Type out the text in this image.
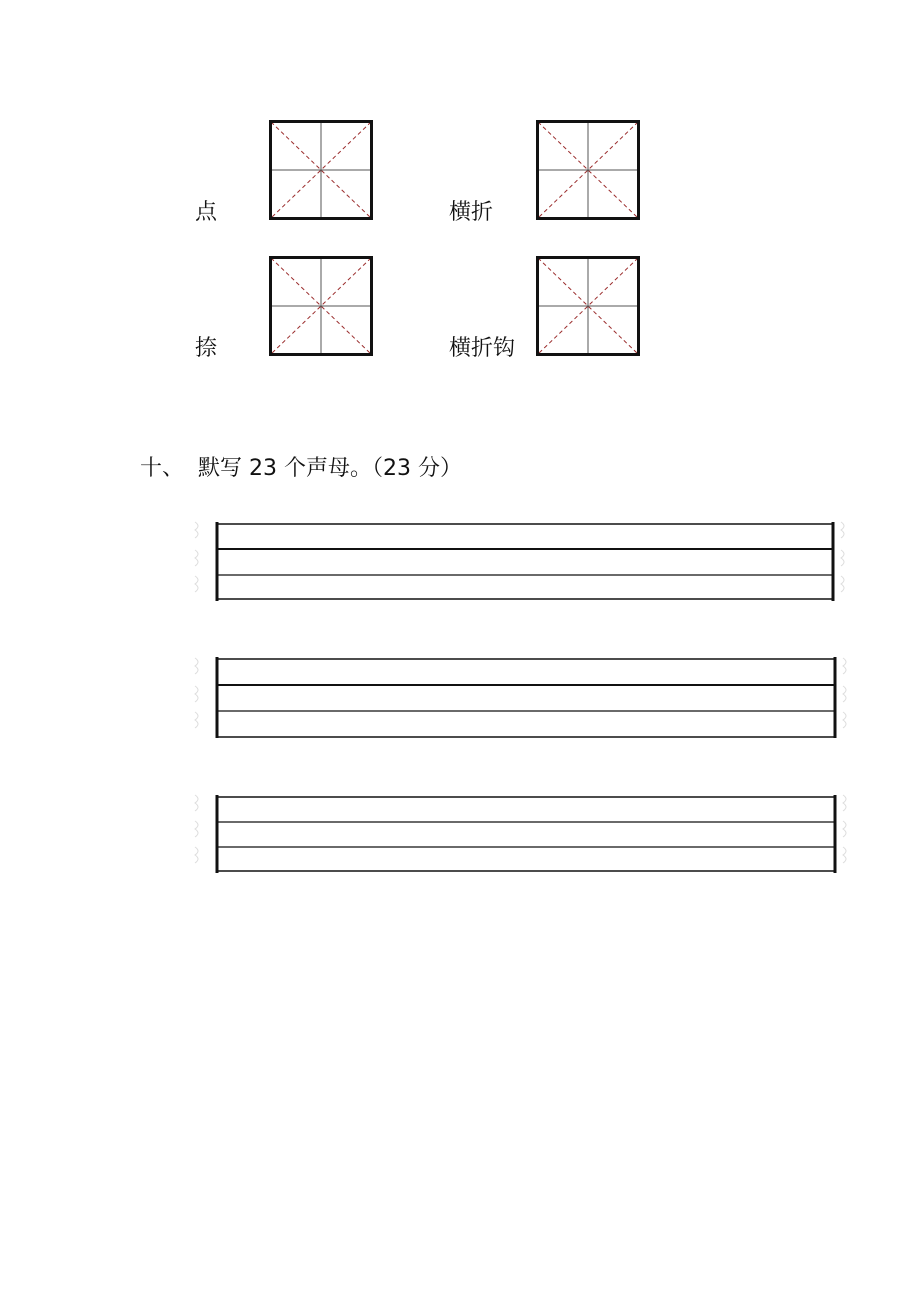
点	横折
捺	横折钩
十、 默写 23 个声母。（23 分）
